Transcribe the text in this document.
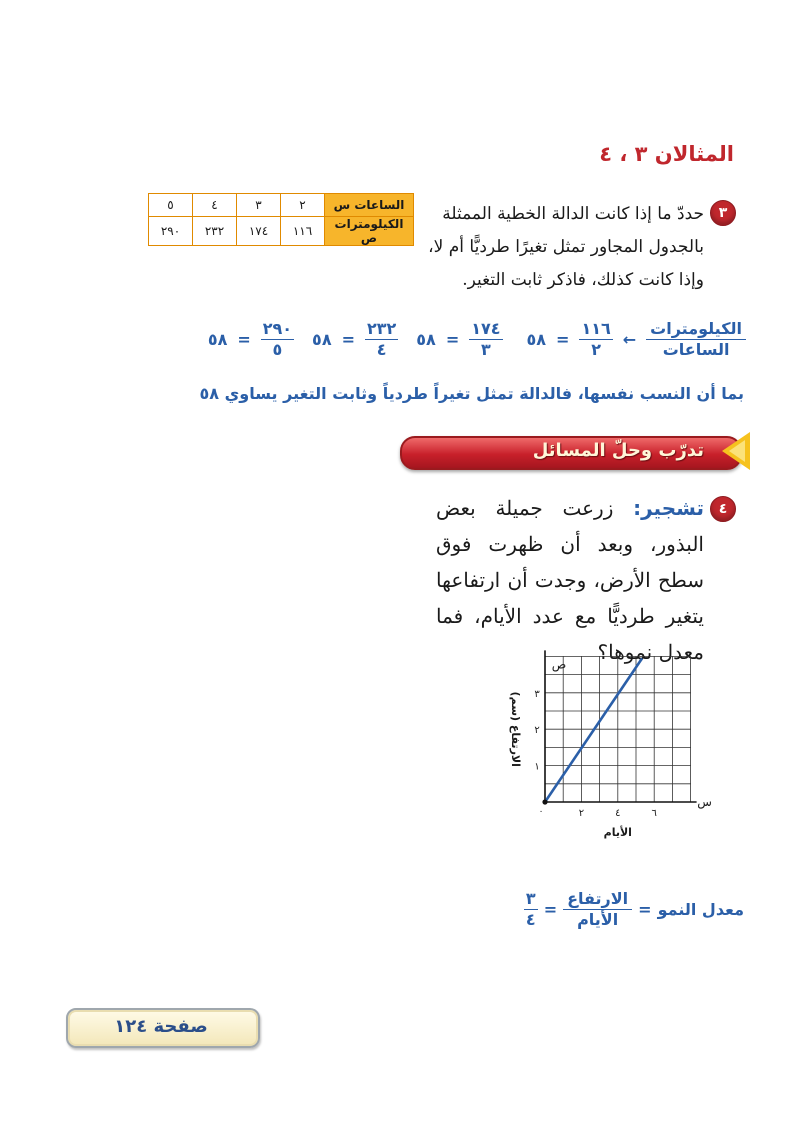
المثالان ٣ ، ٤
٣
حددّ ما إذا كانت الدالة الخطية الممثلة بالجدول المجاور تمثل تغيرًا طرديًّا أم لا، وإذا كانت كذلك، فاذكر ثابت التغير.
الساعات س	٢	٣	٤	٥
الكيلومترات ص	١١٦	١٧٤	٢٣٢	٢٩٠
$\frac{\text{الكيلومترات}}{\text{الساعات}}$
←
$\frac{١١٦}{٢}$
=
٥٨
$\frac{١٧٤}{٣}$
=
٥٨
$\frac{٢٣٢}{٤}$
=
٥٨
$\frac{٢٩٠}{٥}$
=
٥٨
بما أن النسب نفسها، فالدالة تمثل تغيراً طردياً وثابت التغير يساوي ٥٨
تدرّب وحلّ المسائل
٤
تشجير: زرعت جميلة بعض البذور، وبعد أن ظهرت فوق سطح الأرض، وجدت أن ارتفاعها يتغير طرديًّا مع عدد الأيام، فما معدل نموها؟
٢	٤	٦
١
٢
٣
الأيام
الارتفاع (سم)
س
ص
٠
معدل النمو
=
$\frac{\text{الارتفاع}}{\text{الأيام}}$
=
$\frac{٣}{٤}$
صفحة ١٢٤
